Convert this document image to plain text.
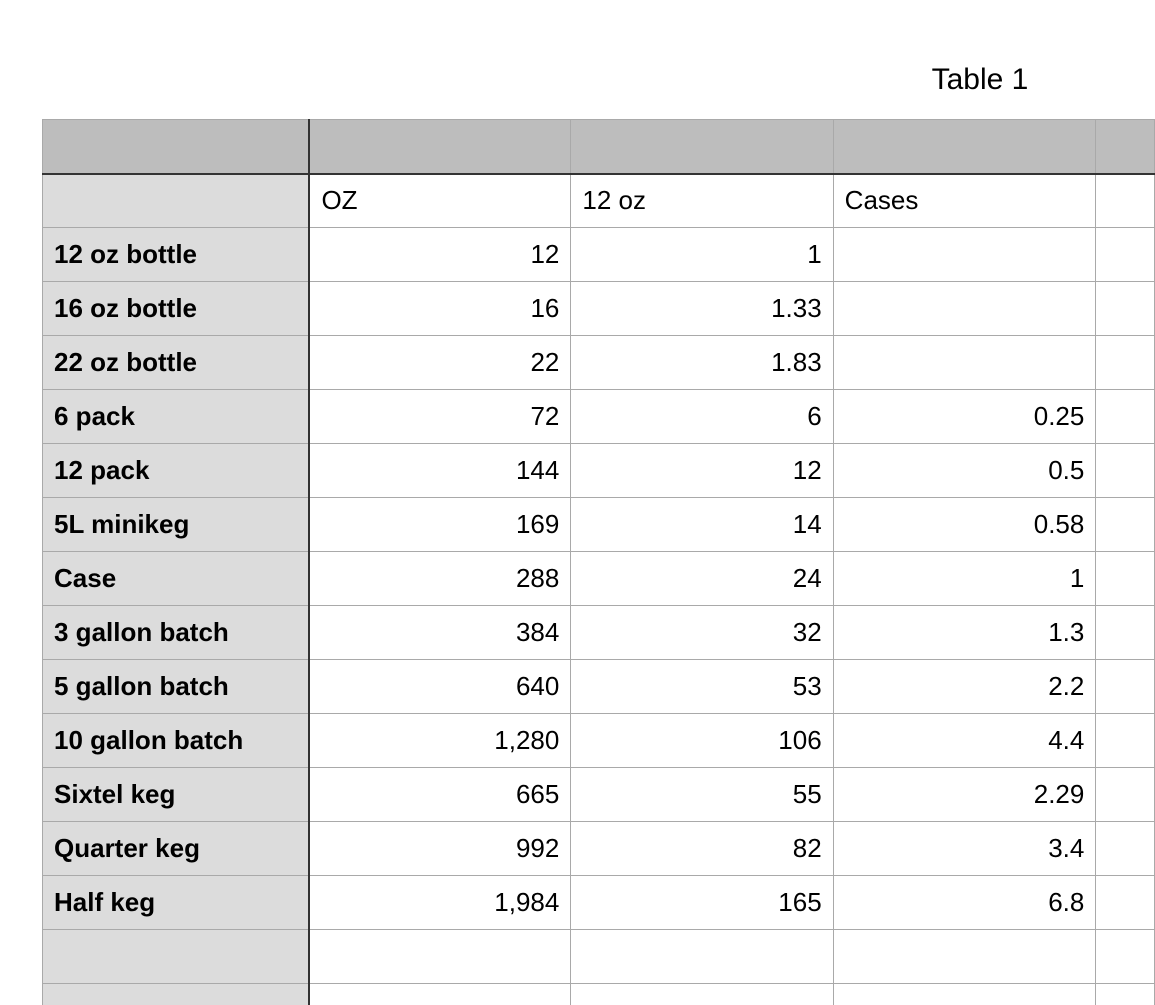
Table 1

	OZ	12 oz	Cases	
12 oz bottle	12	1		
16 oz bottle	16	1.33		
22 oz bottle	22	1.83		
6 pack	72	6	0.25	
12 pack	144	12	0.5	
5L minikeg	169	14	0.58	
Case	288	24	1	
3 gallon batch	384	32	1.3	
5 gallon batch	640	53	2.2	
10 gallon batch	1,280	106	4.4	
Sixtel keg	665	55	2.29	
Quarter keg	992	82	3.4	
Half keg	1,984	165	6.8	
